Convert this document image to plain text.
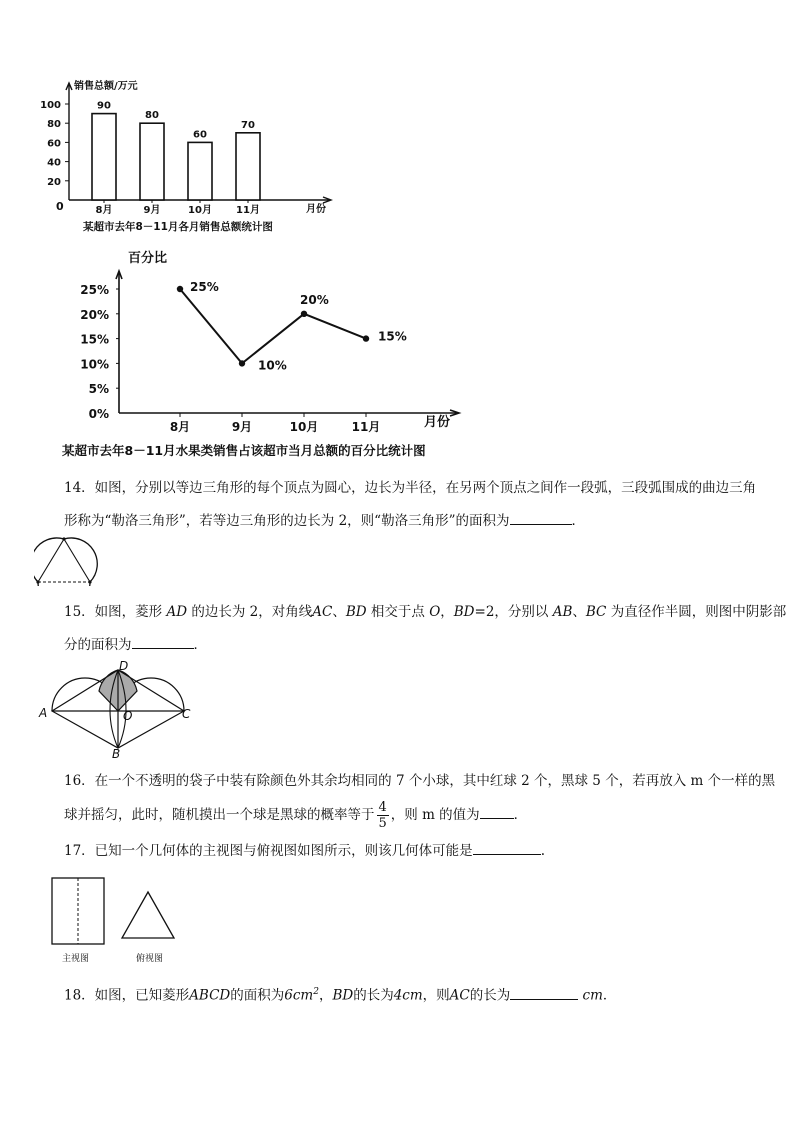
20
40
60
80
100	90
80
60
70
8月	9月	10月 11月
销售总额/万元
月份
0
某超市去年8－11月各月销售总额统计图
0%
5%
10%
15%
20%
25%	25%
10%
20%
15%
8月	9月	10月	11月
百分比
月份
某超市去年8－11月水果类销售占该超市当月总额的百分比统计图
14．如图，分别以等边三角形的每个顶点为圆心，边长为半径，在另两个顶点之间作一段弧，三段弧围成的曲边三角
形称为“勒洛三角形”，若等边三角形的边长为 2，则“勒洛三角形”的面积为	．
15．如图，菱形 AD 的边长为 2，对角线AC、BD 相交于点 O，BD=2，分别以 AB、BC 为直径作半圆，则图中阴影部
分的面积为	．
D
A	O	C
B
16．在一个不透明的袋子中装有除颜色外其余均相同的 7 个小球，其中红球 2 个，黑球 5 个，若再放入 m 个一样的黑
球并摇匀，此时，随机摸出一个球是黑球的概率等于 $\frac{4}{5}$ ，则 m 的值为	．
17．已知一个几何体的主视图与俯视图如图所示，则该几何体可能是	.
主视图	俯视图
18．如图，已知菱形ABCD的面积为$6cm^2$，BD的长为4cm，则AC的长为	cm．
